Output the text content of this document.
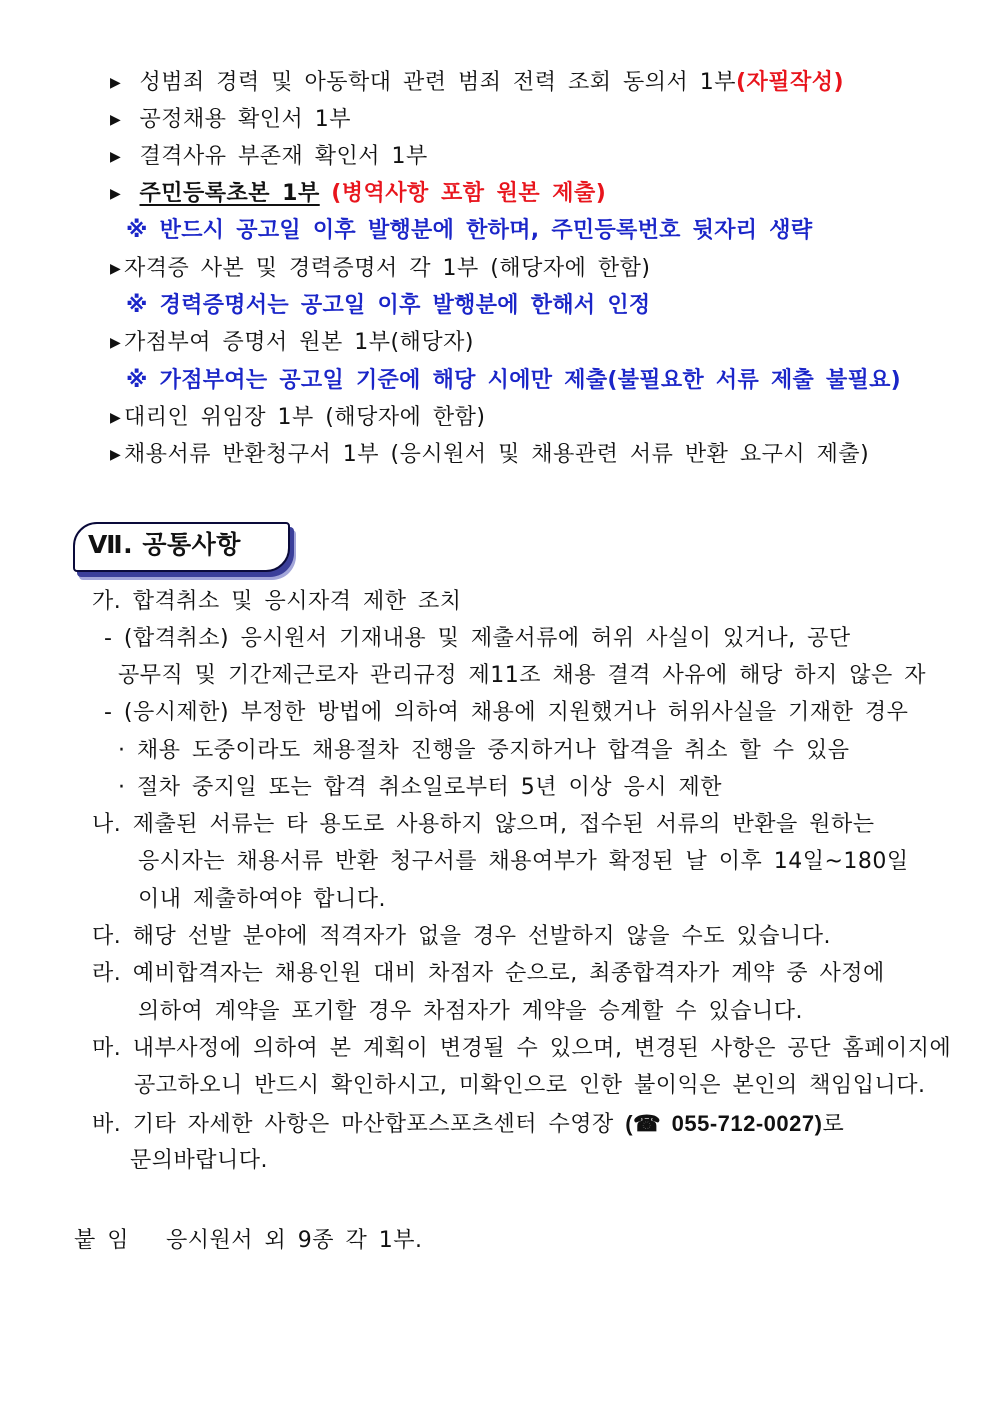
▶ 성범죄 경력 및 아동학대 관련 범죄 전력 조회 동의서 1부(자필작성)
▶ 공정채용 확인서 1부
▶ 결격사유 부존재 확인서 1부
▶ 주민등록초본 1부 (병역사항 포함 원본 제출)
※ 반드시 공고일 이후 발행분에 한하며, 주민등록번호 뒷자리 생략
▶ 자격증 사본 및 경력증명서 각 1부 (해당자에 한함)
※ 경력증명서는 공고일 이후 발행분에 한해서 인정
▶ 가점부여 증명서 원본 1부(해당자)
※ 가점부여는 공고일 기준에 해당 시에만 제출(불필요한 서류 제출 불필요)
▶ 대리인 위임장 1부 (해당자에 한함)
▶ 채용서류 반환청구서 1부 (응시원서 및 채용관련 서류 반환 요구시 제출)
Ⅶ. 공통사항
가. 합격취소 및 응시자격 제한 조치
- (합격취소) 응시원서 기재내용 및 제출서류에 허위 사실이 있거나, 공단
공무직 및 기간제근로자 관리규정 제11조 채용 결격 사유에 해당 하지 않은 자
- (응시제한) 부정한 방법에 의하여 채용에 지원했거나 허위사실을 기재한 경우
· 채용 도중이라도 채용절차 진행을 중지하거나 합격을 취소 할 수 있음
· 절차 중지일 또는 합격 취소일로부터 5년 이상 응시 제한
나. 제출된 서류는 타 용도로 사용하지 않으며, 접수된 서류의 반환을 원하는
응시자는 채용서류 반환 청구서를 채용여부가 확정된 날 이후 14일~180일
이내 제출하여야 합니다.
다. 해당 선발 분야에 적격자가 없을 경우 선발하지 않을 수도 있습니다.
라. 예비합격자는 채용인원 대비 차점자 순으로, 최종합격자가 계약 중 사정에
의하여 계약을 포기할 경우 차점자가 계약을 승계할 수 있습니다.
마. 내부사정에 의하여 본 계획이 변경될 수 있으며, 변경된 사항은 공단 홈페이지에
공고하오니 반드시 확인하시고, 미확인으로 인한 불이익은 본인의 책임입니다.
바. 기타 자세한 사항은 마산합포스포츠센터 수영장 (☎ 055-712-0027)로
문의바랍니다.
붙 임 응시원서 외 9종 각 1부.
